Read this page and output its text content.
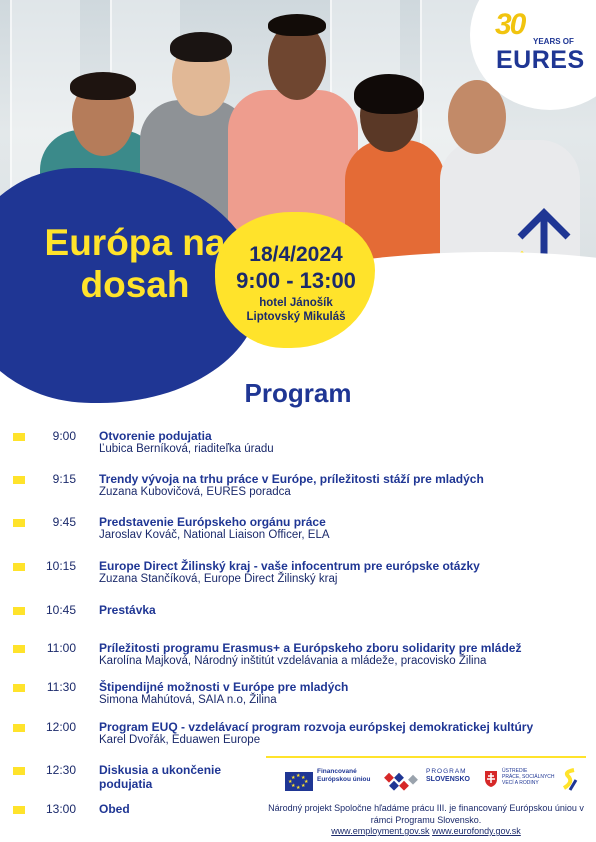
30
YEARS OF
EURES
Európa na dosah
18/4/2024
9:00 - 13:00
hotel Jánošík
Liptovský Mikuláš
Program
9:00 Otvorenie podujatia
Ľubica Berníková, riaditeľka úradu
9:15 Trendy vývoja na trhu práce v Európe, príležitosti stáží pre mladých
Zuzana Kubovičová, EURES poradca
9:45 Predstavenie Európskeho orgánu práce
Jaroslav Kováč, National Liaison Officer, ELA
10:15 Europe Direct Žilinský kraj - vaše infocentrum pre európske otázky
Zuzana Stančíková, Europe Direct Žilinský kraj
10:45 Prestávka
11:00 Príležitosti programu Erasmus+ a Európskeho zboru solidarity pre mládež
Karolína Majková, Národný inštitút vzdelávania a mládeže, pracovisko Žilina
11:30 Štipendijné možnosti v Európe pre mladých
Simona Mahútová, SAIA n.o, Žilina
12:00 Program EUQ - vzdelávací program rozvoja európskej demokratickej kultúry
Karel Dvořák, Eduawen Europe
12:30 Diskusia a ukončenie
podujatia
13:00 Obed
★ ★
★
★
★
★
★
★
Financované
Európskou úniou
PROGRAM
SLOVENSKO
ÚSTREDIE
PRÁCE, SOCIÁLNYCH
VECÍ A RODINY
Národný projekt Spoločne hľadáme prácu III. je financovaný Európskou úniou v rámci Programu Slovensko.
www.employment.gov.sk www.eurofondy.gov.sk
